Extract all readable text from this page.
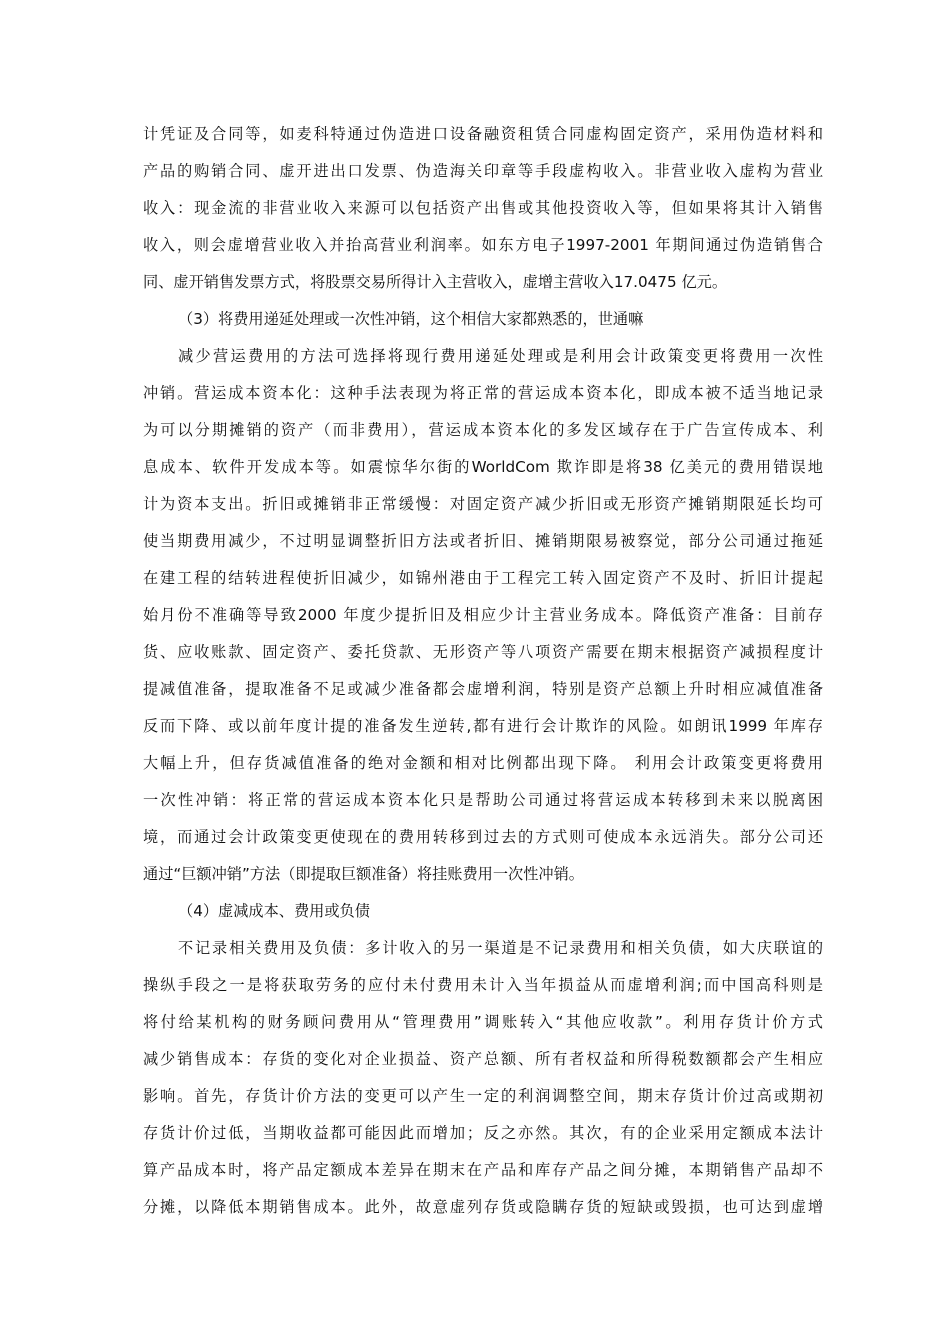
计凭证及合同等，如麦科特通过伪造进口设备融资租赁合同虚构固定资产，采用伪造材料和
产品的购销合同、虚开进出口发票、伪造海关印章等手段虚构收入。非营业收入虚构为营业
收入：现金流的非营业收入来源可以包括资产出售或其他投资收入等，但如果将其计入销售
收入，则会虚增营业收入并抬高营业利润率。如东方电子1997-2001 年期间通过伪造销售合
同、虚开销售发票方式，将股票交易所得计入主营收入，虚增主营收入17.0475 亿元。
（3）将费用递延处理或一次性冲销，这个相信大家都熟悉的，世通嘛
减少营运费用的方法可选择将现行费用递延处理或是利用会计政策变更将费用一次性
冲销。营运成本资本化：这种手法表现为将正常的营运成本资本化，即成本被不适当地记录
为可以分期摊销的资产（而非费用），营运成本资本化的多发区域存在于广告宣传成本、利
息成本、软件开发成本等。如震惊华尔街的WorldCom 欺诈即是将38 亿美元的费用错误地
计为资本支出。折旧或摊销非正常缓慢：对固定资产减少折旧或无形资产摊销期限延长均可
使当期费用减少，不过明显调整折旧方法或者折旧、摊销期限易被察觉，部分公司通过拖延
在建工程的结转进程使折旧减少，如锦州港由于工程完工转入固定资产不及时、折旧计提起
始月份不准确等导致2000 年度少提折旧及相应少计主营业务成本。降低资产准备：目前存
货、应收账款、固定资产、委托贷款、无形资产等八项资产需要在期末根据资产减损程度计
提减值准备，提取准备不足或减少准备都会虚增利润，特别是资产总额上升时相应减值准备
反而下降、或以前年度计提的准备发生逆转,都有进行会计欺诈的风险。如朗讯1999 年库存
大幅上升，但存货减值准备的绝对金额和相对比例都出现下降。 利用会计政策变更将费用
一次性冲销：将正常的营运成本资本化只是帮助公司通过将营运成本转移到未来以脱离困
境，而通过会计政策变更使现在的费用转移到过去的方式则可使成本永远消失。部分公司还
通过“巨额冲销”方法（即提取巨额准备）将挂账费用一次性冲销。
（4）虚减成本、费用或负债
不记录相关费用及负债：多计收入的另一渠道是不记录费用和相关负债，如大庆联谊的
操纵手段之一是将获取劳务的应付未付费用未计入当年损益从而虚增利润;而中国高科则是
将付给某机构的财务顾问费用从“管理费用”调账转入“其他应收款”。利用存货计价方式
减少销售成本：存货的变化对企业损益、资产总额、所有者权益和所得税数额都会产生相应
影响。首先，存货计价方法的变更可以产生一定的利润调整空间，期末存货计价过高或期初
存货计价过低，当期收益都可能因此而增加；反之亦然。其次，有的企业采用定额成本法计
算产品成本时，将产品定额成本差异在期末在产品和库存产品之间分摊，本期销售产品却不
分摊，以降低本期销售成本。此外，故意虚列存货或隐瞒存货的短缺或毁损，也可达到虚增
